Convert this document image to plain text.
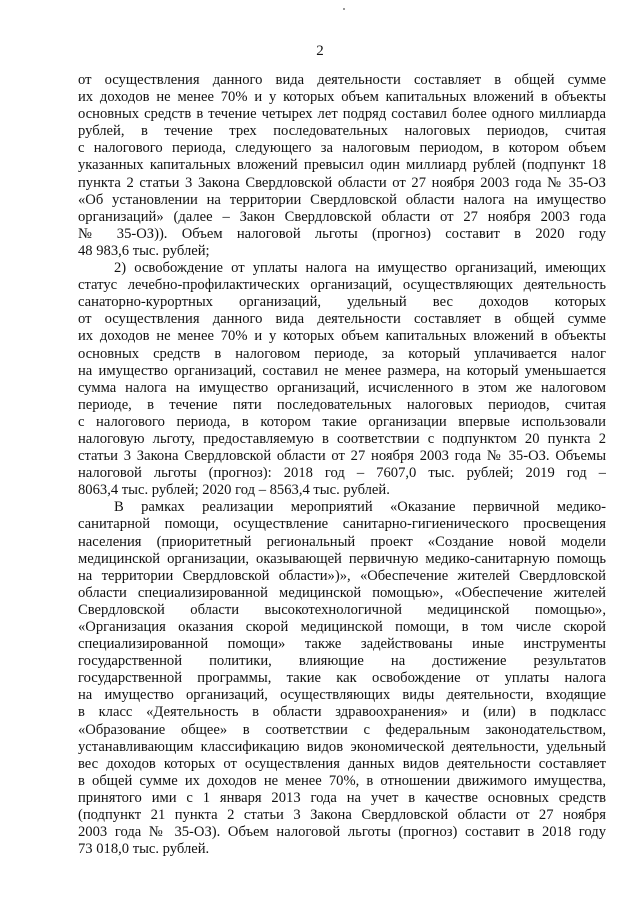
2
от осуществления данного вида деятельности составляет в общей сумме
их доходов не менее 70% и у которых объем капитальных вложений в объекты
основных средств в течение четырех лет подряд составил более одного миллиарда
рублей, в течение трех последовательных налоговых периодов, считая
с налогового периода, следующего за налоговым периодом, в котором объем
указанных капитальных вложений превысил один миллиард рублей (подпункт 18
пункта 2 статьи 3 Закона Свердловской области от 27 ноября 2003 года № 35-ОЗ
«Об установлении на территории Свердловской области налога на имущество
организаций» (далее – Закон Свердловской области от 27 ноября 2003 года
№ 35-ОЗ)). Объем налоговой льготы (прогноз) составит в 2020 году
48 983,6 тыс. рублей;
2) освобождение от уплаты налога на имущество организаций, имеющих
статус лечебно-профилактических организаций, осуществляющих деятельность
санаторно-курортных организаций, удельный вес доходов которых
от осуществления данного вида деятельности составляет в общей сумме
их доходов не менее 70% и у которых объем капитальных вложений в объекты
основных средств в налоговом периоде, за который уплачивается налог
на имущество организаций, составил не менее размера, на который уменьшается
сумма налога на имущество организаций, исчисленного в этом же налоговом
периоде, в течение пяти последовательных налоговых периодов, считая
с налогового периода, в котором такие организации впервые использовали
налоговую льготу, предоставляемую в соответствии с подпунктом 20 пункта 2
статьи 3 Закона Свердловской области от 27 ноября 2003 года № 35-ОЗ. Объемы
налоговой льготы (прогноз): 2018 год – 7607,0 тыс. рублей; 2019 год –
8063,4 тыс. рублей; 2020 год – 8563,4 тыс. рублей.
В рамках реализации мероприятий «Оказание первичной медико-
санитарной помощи, осуществление санитарно-гигиенического просвещения
населения (приоритетный региональный проект «Создание новой модели
медицинской организации, оказывающей первичную медико-санитарную помощь
на территории Свердловской области»)», «Обеспечение жителей Свердловской
области специализированной медицинской помощью», «Обеспечение жителей
Свердловской области высокотехнологичной медицинской помощью»,
«Организация оказания скорой медицинской помощи, в том числе скорой
специализированной помощи» также задействованы иные инструменты
государственной политики, влияющие на достижение результатов
государственной программы, такие как освобождение от уплаты налога
на имущество организаций, осуществляющих виды деятельности, входящие
в класс «Деятельность в области здравоохранения» и (или) в подкласс
«Образование общее» в соответствии с федеральным законодательством,
устанавливающим классификацию видов экономической деятельности, удельный
вес доходов которых от осуществления данных видов деятельности составляет
в общей сумме их доходов не менее 70%, в отношении движимого имущества,
принятого ими с 1 января 2013 года на учет в качестве основных средств
(подпункт 21 пункта 2 статьи 3 Закона Свердловской области от 27 ноября
2003 года № 35-ОЗ). Объем налоговой льготы (прогноз) составит в 2018 году
73 018,0 тыс. рублей.
